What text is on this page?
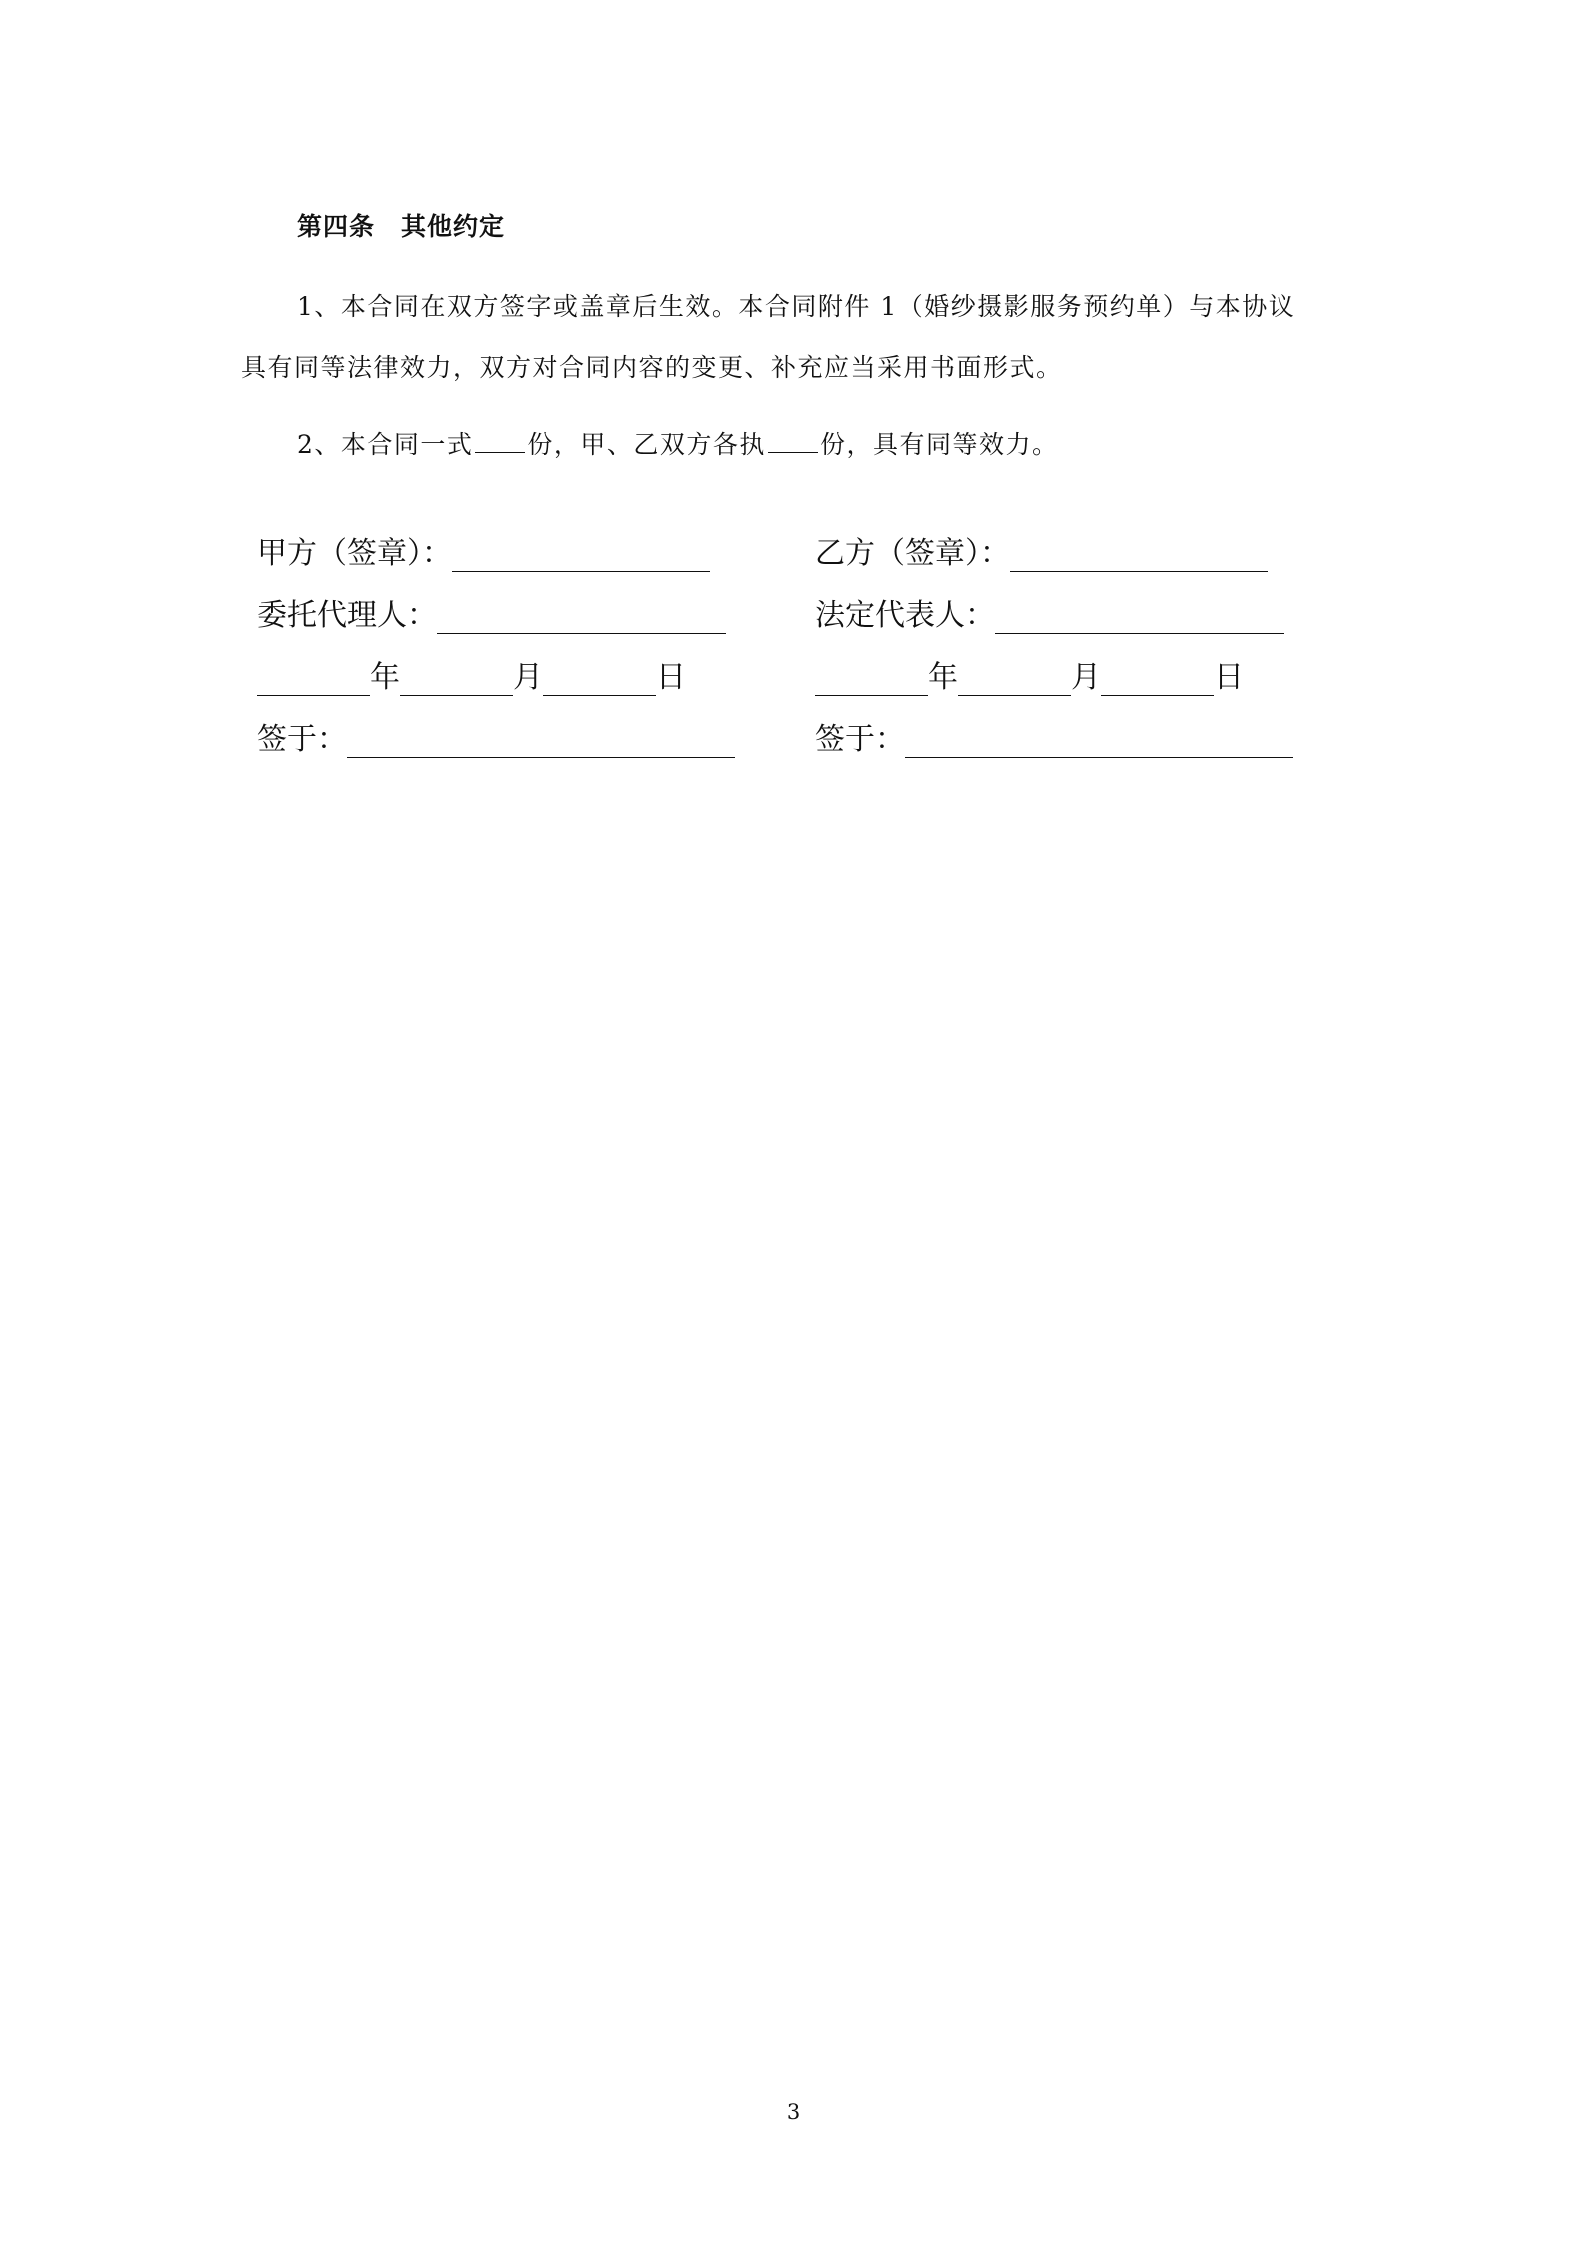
第四条 其他约定
1、本合同在双方签字或盖章后生效。本合同附件 1（婚纱摄影服务预约单）与本协议
具有同等法律效力，双方对合同内容的变更、补充应当采用书面形式。
2、本合同一式 份，甲、乙双方各执 份，具有同等效力。
甲方（签章）：
委托代理人：
年	月	日
签于：
乙方（签章）：
法定代表人：
年	月	日
签于：
3
